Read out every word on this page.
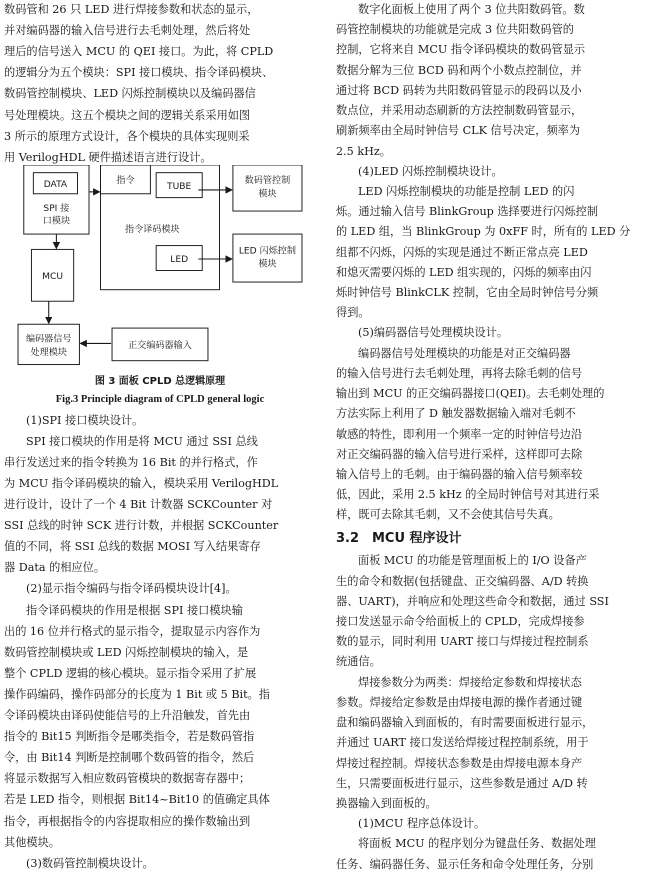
数码管和 26 只 LED 进行焊接参数和状态的显示，
并对编码器的输入信号进行去毛刺处理，然后将处
理后的信号送入 MCU 的 QEI 接口。为此，将 CPLD
的逻辑分为五个模块：SPI 接口模块、指令译码模块、
数码管控制模块、LED 闪烁控制模块以及编码器信
号处理模块。这五个模块之间的逻辑关系采用如图
3 所示的原理方式设计，各个模块的具体实现则采
用 VerilogHDL 硬件描述语言进行设计。
DATA
SPI 接
口模块
指令
指令译码模块
TUBE
数码管控制
模块
LED
LED 闪烁控制
模块
MCU
编码器信号
处理模块
正交编码器输入
图 3 面板 CPLD 总逻辑原理
Fig.3 Principle diagram of CPLD general logic
(1)SPI 接口模块设计。
SPI 接口模块的作用是将 MCU 通过 SSI 总线
串行发送过来的指令转换为 16 Bit 的并行格式，作
为 MCU 指令译码模块的输入，模块采用 VerilogHDL
进行设计，设计了一个 4 Bit 计数器 SCKCounter 对
SSI 总线的时钟 SCK 进行计数，并根据 SCKCounter
值的不同，将 SSI 总线的数据 MOSI 写入结果寄存
器 Data 的相应位。
(2)显示指令编码与指令译码模块设计[4]。
指令译码模块的作用是根据 SPI 接口模块输
出的 16 位并行格式的显示指令，提取显示内容作为
数码管控制模块或 LED 闪烁控制模块的输入，是
整个 CPLD 逻辑的核心模块。显示指令采用了扩展
操作码编码，操作码部分的长度为 1 Bit 或 5 Bit。指
令译码模块由译码使能信号的上升沿触发，首先由
指令的 Bit15 判断指令是哪类指令，若是数码管指
令，由 Bit14 判断是控制哪个数码管的指令，然后
将显示数据写入相应数码管模块的数据寄存器中；
若是 LED 指令，则根据 Bit14~Bit10 的值确定具体
指令，再根据指令的内容提取相应的操作数输出到
其他模块。
(3)数码管控制模块设计。
数字化面板上使用了两个 3 位共阳数码管。数
码管控制模块的功能就是完成 3 位共阳数码管的
控制，它将来自 MCU 指令译码模块的数码管显示
数据分解为三位 BCD 码和两个小数点控制位，并
通过将 BCD 码转为共阳数码管显示的段码以及小
数点位，并采用动态刷新的方法控制数码管显示，
刷新频率由全局时钟信号 CLK 信号决定，频率为
2.5 kHz。
(4)LED 闪烁控制模块设计。
LED 闪烁控制模块的功能是控制 LED 的闪
烁。通过输入信号 BlinkGroup 选择要进行闪烁控制
的 LED 组，当 BlinkGroup 为 0xFF 时，所有的 LED 分
组都不闪烁，闪烁的实现是通过不断正常点亮 LED
和熄灭需要闪烁的 LED 组实现的，闪烁的频率由闪
烁时钟信号 BlinkCLK 控制，它由全局时钟信号分频
得到。
(5)编码器信号处理模块设计。
编码器信号处理模块的功能是对正交编码器
的输入信号进行去毛刺处理，再将去除毛刺的信号
输出到 MCU 的正交编码器接口(QEI)。去毛刺处理的
方法实际上利用了 D 触发器数据输入端对毛刺不
敏感的特性，即利用一个频率一定的时钟信号边沿
对正交编码器的输入信号进行采样，这样即可去除
输入信号上的毛刺。由于编码器的输入信号频率较
低，因此，采用 2.5 kHz 的全局时钟信号对其进行采
样，既可去除其毛刺，又不会使其信号失真。
3.2 MCU 程序设计
面板 MCU 的功能是管理面板上的 I/O 设备产
生的命令和数据(包括键盘、正交编码器、A/D 转换
器、UART)，并响应和处理这些命令和数据，通过 SSI
接口发送显示命令给面板上的 CPLD，完成焊接参
数的显示，同时利用 UART 接口与焊接过程控制系
统通信。
焊接参数分为两类：焊接给定参数和焊接状态
参数。焊接给定参数是由焊接电源的操作者通过键
盘和编码器输入到面板的，有时需要面板进行显示，
并通过 UART 接口发送给焊接过程控制系统，用于
焊接过程控制。焊接状态参数是由焊接电源本身产
生，只需要面板进行显示，这些参数是通过 A/D 转
换器输入到面板的。
(1)MCU 程序总体设计。
将面板 MCU 的程序划分为键盘任务、数据处理
任务、编码器任务、显示任务和命令处理任务，分别
